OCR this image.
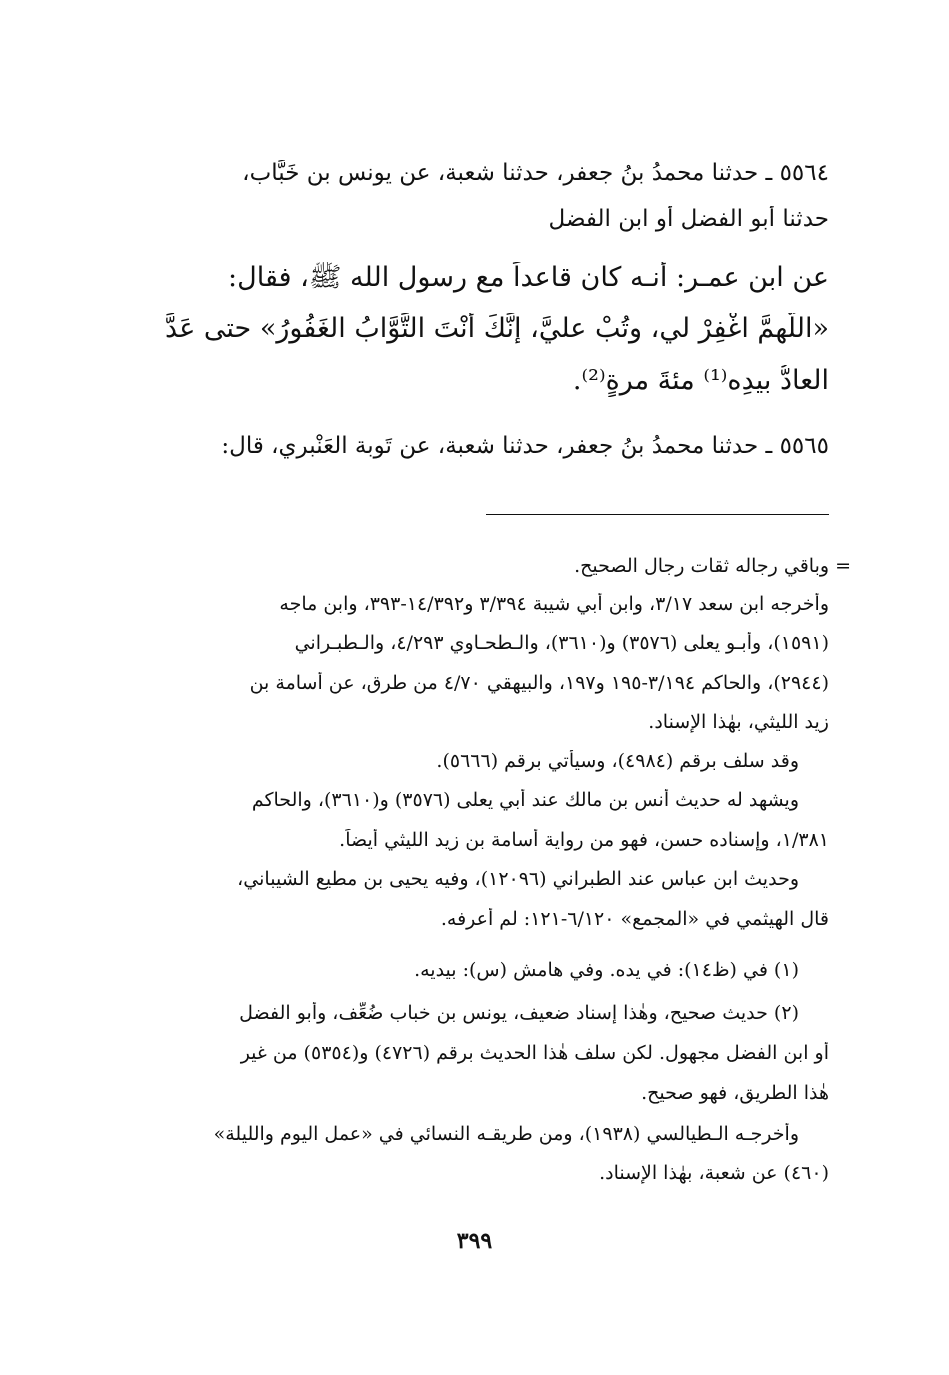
٥٥٦٤ ـ حدثنا محمدُ بنُ جعفر، حدثنا شعبة، عن يونس بن خَبَّاب،
حدثنا أبو الفضل أو ابن الفضل
عن ابن عمـر: أنـه كان قاعداً مع رسول الله ﷺ، فقال:
«اللَّهمَّ اغْفِرْ لي، وتُبْ عليَّ، إنَّكَ أنْتَ التَّوَّابُ الغَفُورُ» حتى عَدَّ
العادُّ بيدِه⁽¹⁾ مئةَ مرةٍ⁽²⁾.
٥٥٦٥ ـ حدثنا محمدُ بنُ جعفر، حدثنا شعبة، عن تَوبة العَنْبري، قال:
= وباقي رجاله ثقات رجال الصحيح.
وأخرجه ابن سعد ٣/١٧، وابن أبي شيبة ٣/٣٩٤ و١٤/٣٩٢-٣٩٣، وابن ماجه
(١٥٩١)، وأبـو يعلى (٣٥٧٦) و(٣٦١٠)، والـطحـاوي ٤/٢٩٣، والـطبـراني
(٢٩٤٤)، والحاكم ٣/١٩٤-١٩٥ و١٩٧، والبيهقي ٤/٧٠ من طرق، عن أسامة بن
زيد الليثي، بهٰذا الإسناد.
وقد سلف برقم (٤٩٨٤)، وسيأتي برقم (٥٦٦٦).
ويشهد له حديث أنس بن مالك عند أبي يعلى (٣٥٧٦) و(٣٦١٠)، والحاكم
١/٣٨١، وإسناده حسن، فهو من رواية أسامة بن زيد الليثي أيضاً.
وحديث ابن عباس عند الطبراني (١٢٠٩٦)، وفيه يحيى بن مطيع الشيباني،
قال الهيثمي في «المجمع» ٦/١٢٠-١٢١: لم أعرفه.
(١) في (ظ١٤): في يده. وفي هامش (س): بيديه.
(٢) حديث صحيح، وهٰذا إسناد ضعيف، يونس بن خباب ضُعِّف، وأبو الفضل
أو ابن الفضل مجهول. لكن سلف هٰذا الحديث برقم (٤٧٢٦) و(٥٣٥٤) من غير
هٰذا الطريق، فهو صحيح.
وأخرجـه الـطيالسي (١٩٣٨)، ومن طريقـه النسائي في «عمل اليوم والليلة»
(٤٦٠) عن شعبة، بهٰذا الإسناد.
٣٩٩
